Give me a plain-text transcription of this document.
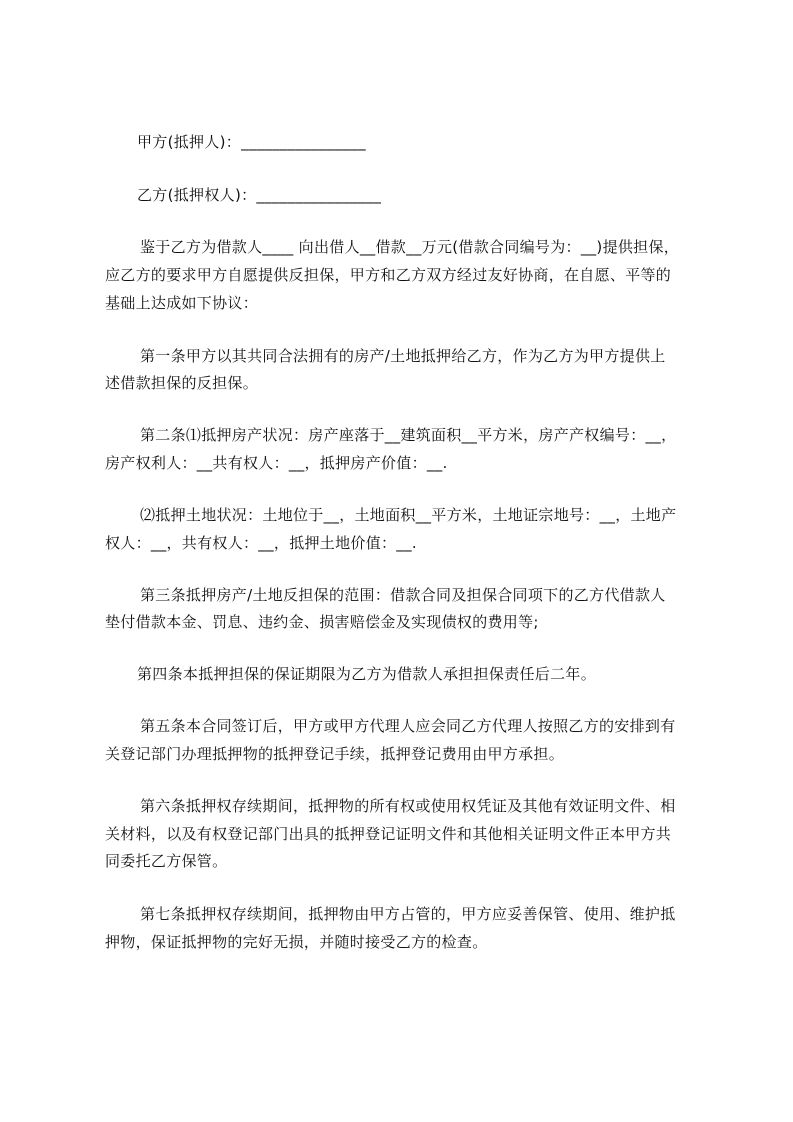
甲方(抵押人)：________________
乙方(抵押权人)：________________
鉴于乙方为借款人____ 向出借人__借款__万元(借款合同编号为：__)提供担保，
应乙方的要求甲方自愿提供反担保，甲方和乙方双方经过友好协商，在自愿、平等的
基础上达成如下协议：
第一条甲方以其共同合法拥有的房产/土地抵押给乙方，作为乙方为甲方提供上
述借款担保的反担保。
第二条⑴抵押房产状况：房产座落于__建筑面积__平方米，房产产权编号：__，
房产权利人：__共有权人：__，抵押房产价值：__.
⑵抵押土地状况：土地位于__，土地面积__平方米，土地证宗地号：__，土地产
权人：__，共有权人：__，抵押土地价值：__.
第三条抵押房产/土地反担保的范围：借款合同及担保合同项下的乙方代借款人
垫付借款本金、罚息、违约金、损害赔偿金及实现债权的费用等;
第四条本抵押担保的保证期限为乙方为借款人承担担保责任后二年。
第五条本合同签订后，甲方或甲方代理人应会同乙方代理人按照乙方的安排到有
关登记部门办理抵押物的抵押登记手续，抵押登记费用由甲方承担。
第六条抵押权存续期间，抵押物的所有权或使用权凭证及其他有效证明文件、相
关材料，以及有权登记部门出具的抵押登记证明文件和其他相关证明文件正本甲方共
同委托乙方保管。
第七条抵押权存续期间，抵押物由甲方占管的，甲方应妥善保管、使用、维护抵
押物，保证抵押物的完好无损，并随时接受乙方的检查。
